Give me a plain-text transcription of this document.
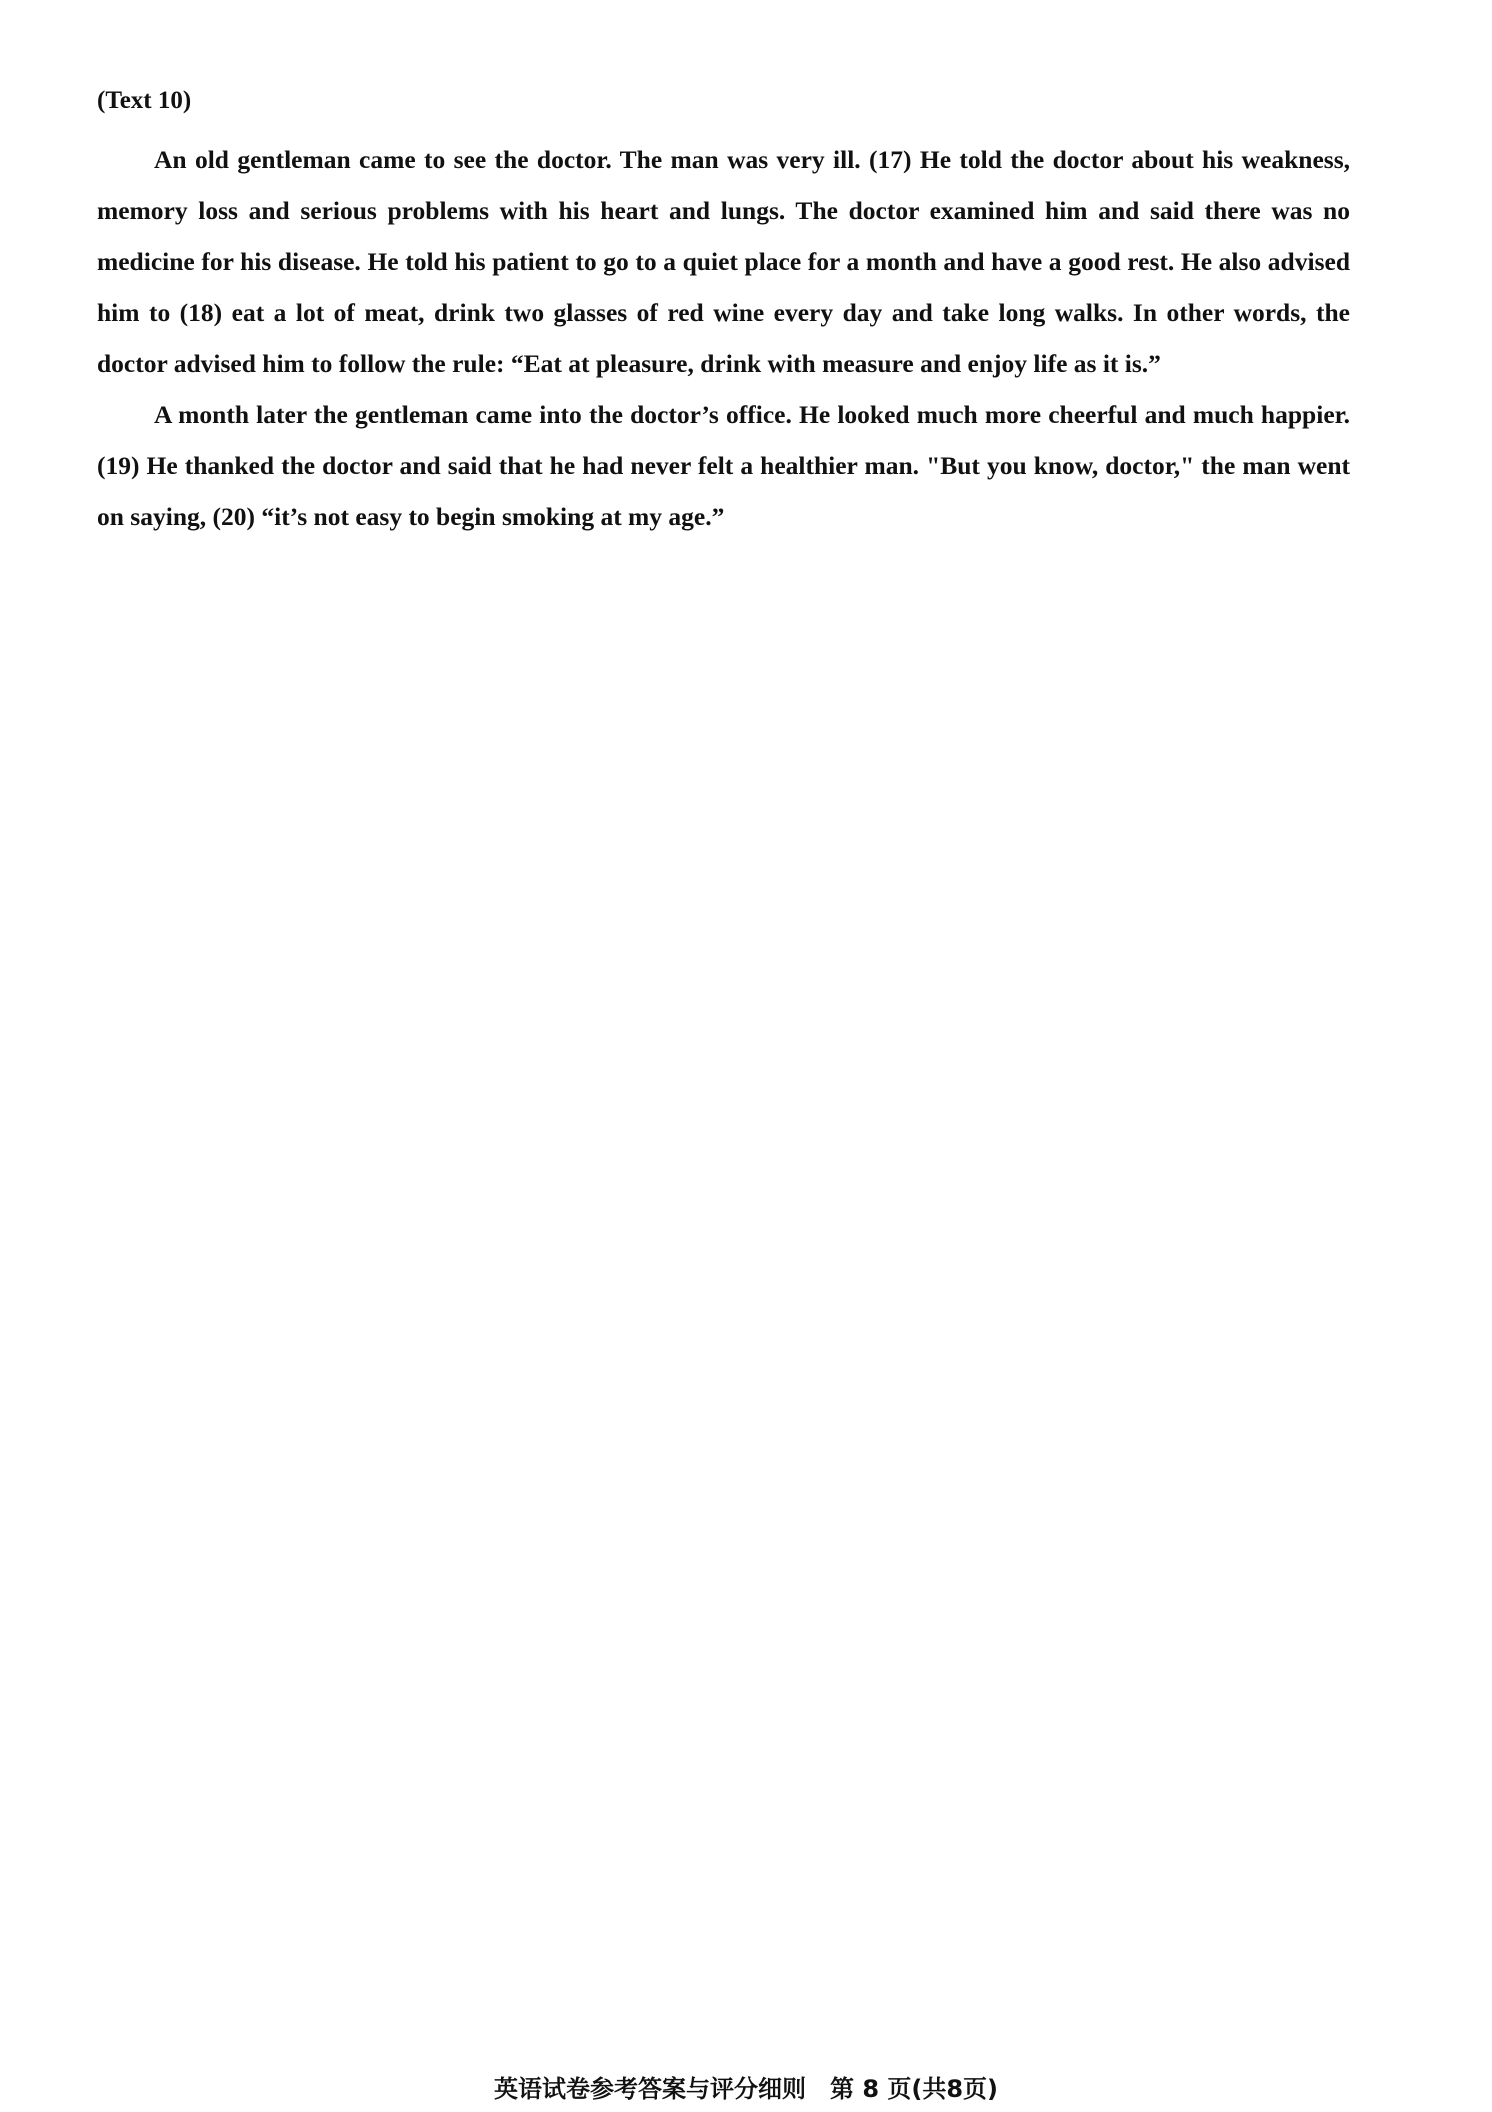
(Text 10)

An old gentleman came to see the doctor. The man was very ill. (17) He told the doctor about his weakness, memory loss and serious problems with his heart and lungs. The doctor examined him and said there was no medicine for his disease. He told his patient to go to a quiet place for a month and have a good rest. He also advised him to (18) eat a lot of meat, drink two glasses of red wine every day and take long walks. In other words, the doctor advised him to follow the rule: “Eat at pleasure, drink with measure and enjoy life as it is.”

A month later the gentleman came into the doctor’s office. He looked much more cheerful and much happier. (19) He thanked the doctor and said that he had never felt a healthier man. "But you know, doctor," the man went on saying, (20) “it’s not easy to begin smoking at my age.”

英语试卷参考答案与评分细则　第 8 页(共8页)
